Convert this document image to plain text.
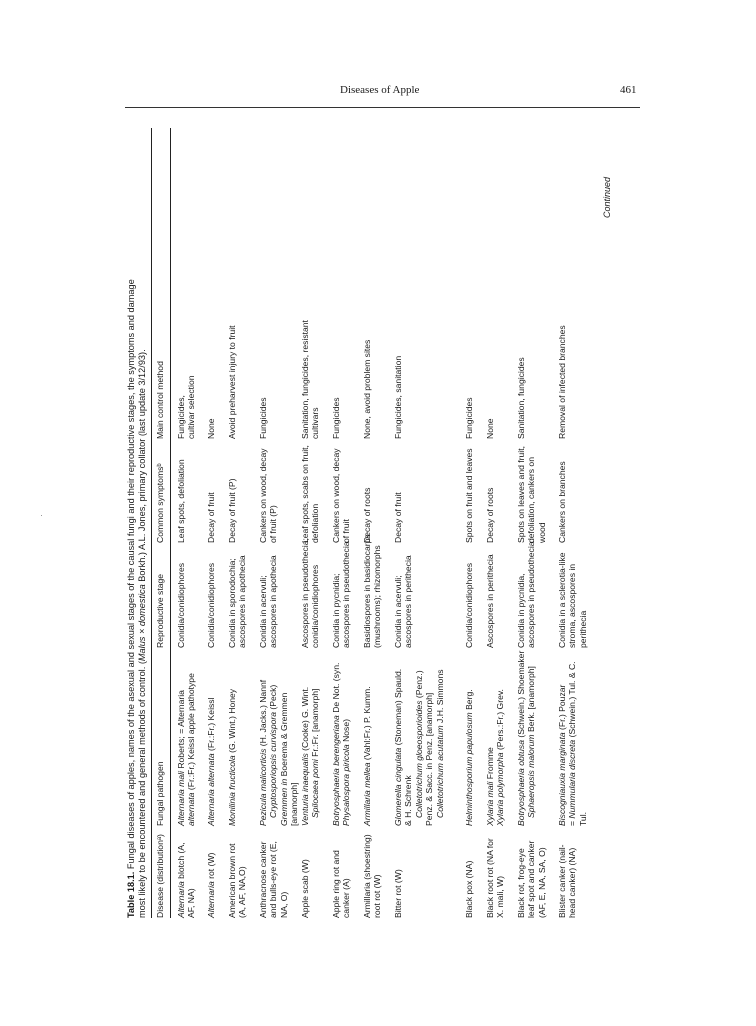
Diseases of Apple	461
Table 18.1. Fungal diseases of apples, names of the asexual and sexual stages of the causal fungi and their reproductive stages, the symptoms and damage most likely to be encountered and general methods of control. (Malus × domestica Borkh.) A.L. Jones, primary collator (last update 3/12/93).
Disease (distributionᵃ)
Fungal pathogen
Reproductive stage
Common symptomsᵇ
Main control method
Alternaria blotch (A,
AF, NA)
Alternaria mali Roberts; = Alternaria
alternata (Fr.:Fr.) Keissl apple pathotype
Conidia/conidiophores
Leaf spots, defoliation
Fungicides, cultivar selection
Alternaria rot (W)
Alternaria alternata (Fr.:Fr.) Keissl
Conidia/conidiophores
Decay of fruit
None
American brown rot (A, AF, NA,O)
Monilinia fructicola (G. Wint.) Honey
Conidia in sporodochia; ascospores in apothecia
Decay of fruit (P)
Avoid preharvest injury to fruit
Anthracnose canker and bulls-eye rot (E, NA, O)
Pezicula malicorticis (H. Jacks.) Nannf Cryptosporiopsis curvispora (Peck)
Gremmen in Boerema & Gremmen
[anamorph]
Conidia in acervuli; ascospores in apothecia
Cankers on wood, decay of fruit (P)
Fungicides
Apple scab (W)
Venturia inaequalis (Cooke) G. Wint.
Spilocaea pomi Fr.:Fr. [anamorph]
Ascospores in pseudothecia; conidia/conidiophores
Leaf spots, scabs on fruit, defoliation
Sanitation, fungicides, resistant cultivars
Apple ring rot and canker (A)
Botryosphaeria berengeriana De Not. (syn.
Physalospora piricola Nose)
Conidia in pycnidia; ascospores in pseudothecia
Cankers on wood, decay of fruit
Fungicides
Armillaria (shoestring) root rot (W)
Armillaria mellea (Vahl:Fr.) P. Kumm.
Basidiospores in basidiocarps (mushrooms); rhizomorphs
Decay of roots
None, avoid problem sites
Bitter rot (W)
Glomerella cingulata (Stoneman) Spauld.
& H. Schrenk Colletotrichum gloeosporioides (Penz.)
Penz. & Sacc. in Penz. [anamorph] Colletotrichum acutatum J.H. Simmons
Conidia in acervuli; ascospores in perithecia
Decay of fruit
Fungicides, sanitation
Black pox (NA)
Helminthosporium papulosum Berg.
Conidia/conidiophores
Spots on fruit and leaves
Fungicides
Black root rot (NA for X. mali, W)
Xylaria mali Fromme Xylaria polymorpha (Pers.:Fr.) Grev.
Ascospores in perithecia
Decay of roots
None
Black rot, frog-eye leaf spot and canker (AF, E, NA, SA, O)
Botryosphaeria obtusa (Schwein.) Shoemaker
Sphaeropsis malorum Berk. [anamorph]
Conidia in pycnidia, ascospores in pseudothecia
Spots on leaves and fruit, defoliation, cankers on wood
Sanitation, fungicides
Blister canker (nail- head canker) (NA)
Biscogniauxia marginata (Fr.) Pouzar
= Nummularia discreta (Schwein.) Tul. & C.
Tul.
Conidia in a sclerotia-like stroma, ascospores in perithecia
Cankers on branches
Removal of infected branches
Continued
